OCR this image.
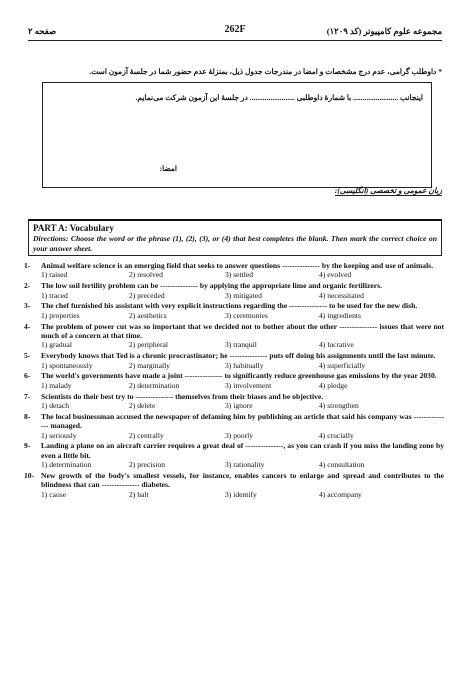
مجموعه علوم کامپیوتر (کد ۱۲۰۹)
262F
صفحه ۲
* داوطلب گرامی، عدم درج مشخصات و امضا در مندرجات جدول ذیل، بمنزلهٔ عدم حضور شما در جلسهٔ آزمون است.
اینجانب ........................ با شمارهٔ داوطلبی ........................ در جلسهٔ این آزمون شرکت می‌نمایم.
امضا:
زبان عمومی و تخصصی (انگلیسی):
PART A: Vocabulary
Directions: Choose the word or the phrase (1), (2), (3), or (4) that best completes the blank. Then mark the correct choice on your answer sheet.
1-	Animal welfare science is an emerging field that seeks to answer questions --------------- by the keeping and use of animals.
1) raised	2) resolved	3) settled	4) evolved
2-	The low soil fertility problem can be --------------- by applying the appropriate lime and organic fertilizers.
1) traced	2) preceded	3) mitigated	4) necessitated
3-	The chef furnished his assistant with very explicit instructions regarding the --------------- to be used for the new dish.
1) properties	2) aesthetics	3) ceremonies	4) ingredients
4-	The problem of power cut was so important that we decided not to bother about the other --------------- issues that were not much of a concern at that time.
1) gradual	2) peripheral	3) tranquil	4) lucrative
5-	Everybody knows that Ted is a chronic procrastinator; he --------------- puts off doing his assignments until the last minute.
1) spontaneously	2) marginally	3) habitually	4) superficially
6-	The world's governments have made a joint --------------- to significantly reduce greenhouse gas emissions by the year 2030.
1) malady	2) determination	3) involvement	4) pledge
7-	Scientists do their best try to --------------- themselves from their biases and be objective.
1) detach	2) delete	3) ignore	4) strengthen
8-	The local businessman accused the newspaper of defaming him by publishing an article that said his company was --------------- managed.
1) seriously	2) centrally	3) poorly	4) crucially
9-	Landing a plane on an aircraft carrier requires a great deal of ---------------, as you can crash if you miss the landing zone by even a little bit.
1) determination	2) precision	3) rationality	4) consultation
10- New growth of the body's smallest vessels, for instance, enables cancers to enlarge and spread and contributes to the blindness that can --------------- diabetes.
1) cause	2) halt	3) identify	4) accompany
